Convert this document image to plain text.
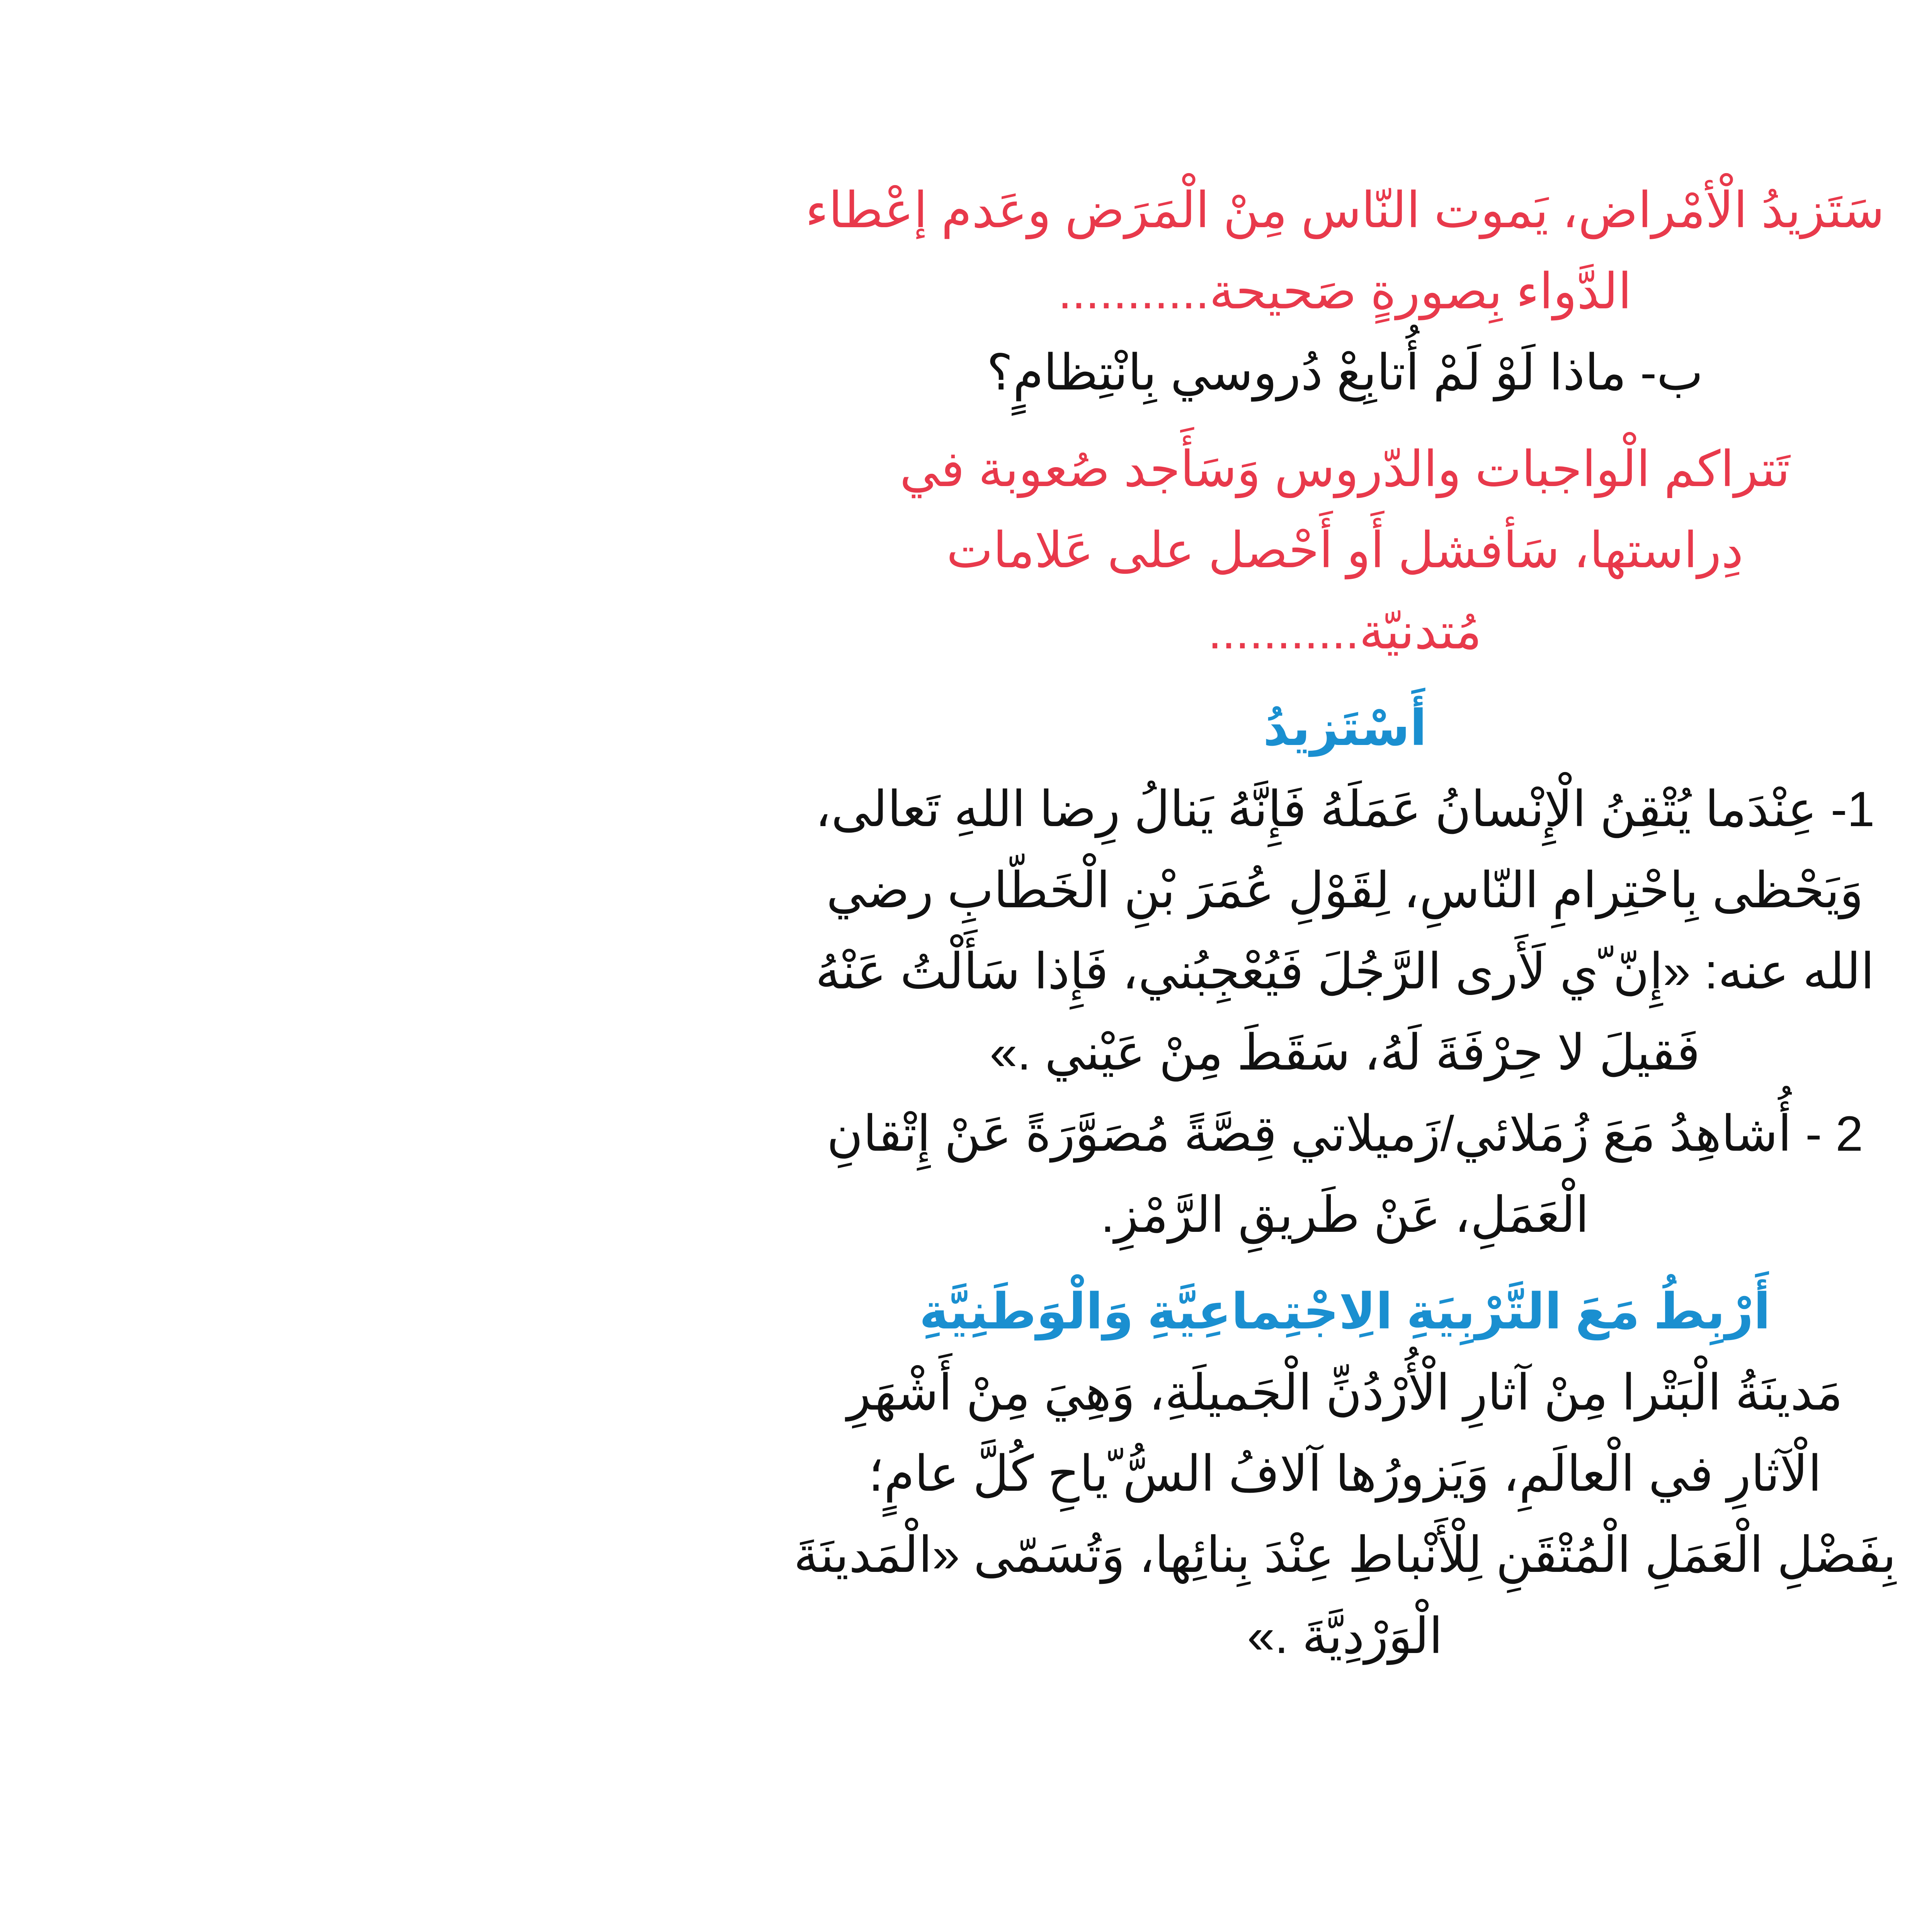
سَتَزيدُ الْأمْراض، يَموت النّاس مِنْ الْمَرَض وعَدم إعْطاء
الدَّواء بِصورةٍ صَحيحة...........
ب- ماذا لَوْ لَمْ أُتابِعْ دُروسي بِانْتِظامٍ؟
تَتراكم الْواجبات والدّروس وَسَأَجد صُعوبة في
دِراستها، سَأفشل أَو أَحْصل على عَلامات
مُتدنيّة...........
أَسْتَزيدُ
1- عِنْدَما يُتْقِنُ الْإِنْسانُ عَمَلَهُ فَإِنَّهُ يَنالُ رِضا اللهِ تَعالى،
وَيَحْظى بِاحْتِرامِ النّاسِ، لِقَوْلِ عُمَرَ بْنِ الْخَطّابِ رضي
الله عنه: «إِنّ ّي لَأَرى الرَّجُلَ فَيُعْجِبُني، فَإِذا سَأَلْتُ عَنْهُ
فَقيلَ لا حِرْفَةَ لَهُ، سَقَطَ مِنْ عَيْني .»
2 - أُشاهِدُ مَعَ زُمَلائي/زَميلاتي قِصَّةً مُصَوَّرَةً عَنْ إِتْقانِ
الْعَمَلِ، عَنْ طَريقِ الرَّمْزِ.
أَرْبِطُ مَعَ التَّرْبِيَةِ الِاجْتِماعِيَّةِ وَالْوَطَنِيَّةِ
مَدينَةُ الْبَتْرا مِنْ آثارِ الْأُرْدُنِّ الْجَميلَةِ، وَهِيَ مِنْ أَشْهَرِ
الْآثارِ في الْعالَمِ، وَيَزورُها آلافُ السُّ ّياحِ كُلَّ عامٍ؛
بِفَضْلِ الْعَمَلِ الْمُتْقَنِ لِلْأَنْباطِ عِنْدَ بِنائِها، وَتُسَمّى «الْمَدينَةَ
الْوَرْدِيَّةَ .»
